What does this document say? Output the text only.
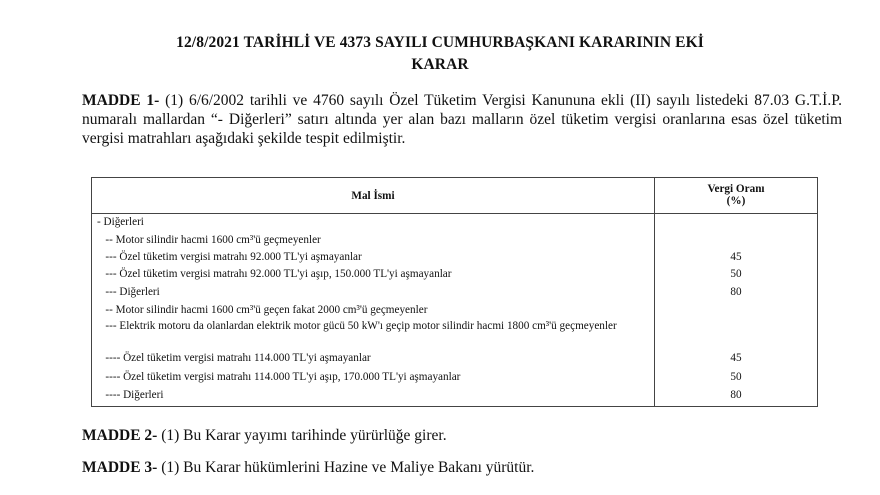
12/8/2021 TARİHLİ VE 4373 SAYILI CUMHURBAŞKANI KARARININ EKİ
KARAR
MADDE 1- (1) 6/6/2002 tarihli ve 4760 sayılı Özel Tüketim Vergisi Kanununa ekli (II) sayılı listedeki 87.03 G.T.İ.P. numaralı mallardan “- Diğerleri” satırı altında yer alan bazı malların özel tüketim vergisi oranlarına esas özel tüketim vergisi matrahları aşağıdaki şekilde tespit edilmiştir.
Mal İsmi
Vergi Oranı
(%)
- Diğerleri
-- Motor silindir hacmi 1600 cm³'ü geçmeyenler
--- Özel tüketim vergisi matrahı 92.000 TL'yi aşmayanlar	45
--- Özel tüketim vergisi matrahı 92.000 TL'yi aşıp, 150.000 TL'yi aşmayanlar	50
--- Diğerleri	80
-- Motor silindir hacmi 1600 cm³'ü geçen fakat 2000 cm³'ü geçmeyenler
--- Elektrik motoru da olanlardan elektrik motor gücü 50 kW'ı geçip motor silindir hacmi 1800 cm³'ü geçmeyenler
---- Özel tüketim vergisi matrahı 114.000 TL'yi aşmayanlar	45
---- Özel tüketim vergisi matrahı 114.000 TL'yi aşıp, 170.000 TL'yi aşmayanlar	50
---- Diğerleri	80
MADDE 2- (1) Bu Karar yayımı tarihinde yürürlüğe girer.
MADDE 3- (1) Bu Karar hükümlerini Hazine ve Maliye Bakanı yürütür.
